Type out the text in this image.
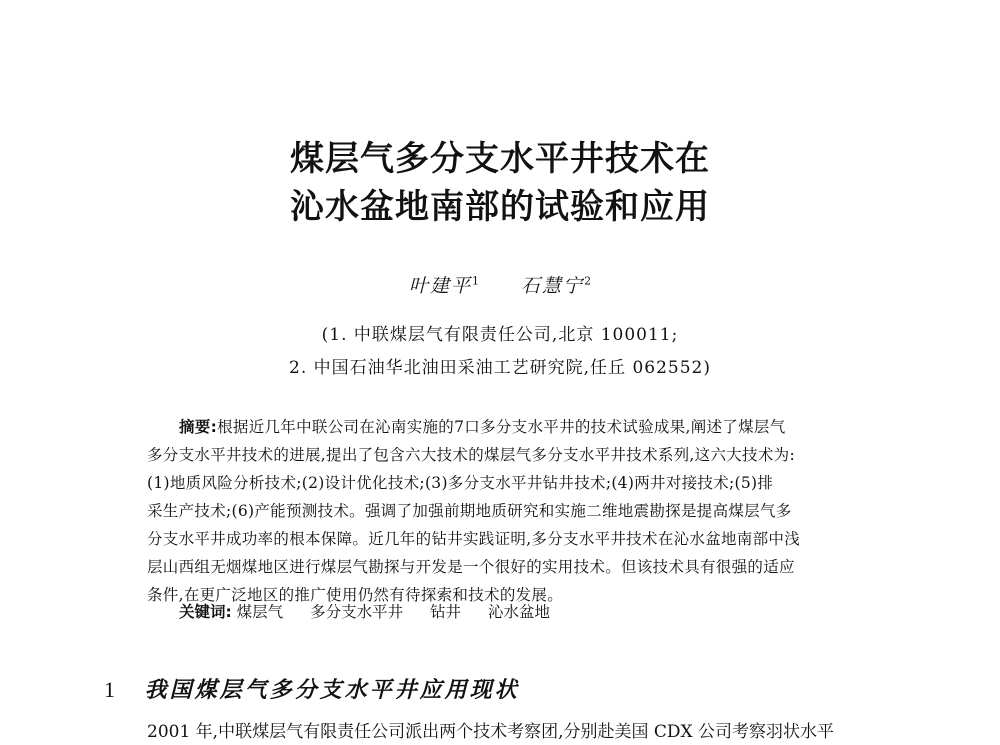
煤层气多分支水平井技术在
沁水盆地南部的试验和应用
叶建平$^1$ 石慧宁$^2$
(1. 中联煤层气有限责任公司,北京 100011;
2. 中国石油华北油田采油工艺研究院,任丘 062552)
摘要:根据近几年中联公司在沁南实施的7口多分支水平井的技术试验成果,阐述了煤层气
多分支水平井技术的进展,提出了包含六大技术的煤层气多分支水平井技术系列,这六大技术为:
(1)地质风险分析技术;(2)设计优化技术;(3)多分支水平井钻井技术;(4)两井对接技术;(5)排
采生产技术;(6)产能预测技术。强调了加强前期地质研究和实施二维地震勘探是提高煤层气多
分支水平井成功率的根本保障。近几年的钻井实践证明,多分支水平井技术在沁水盆地南部中浅
层山西组无烟煤地区进行煤层气勘探与开发是一个很好的实用技术。但该技术具有很强的适应
条件,在更广泛地区的推广使用仍然有待探索和技术的发展。
关键词: 煤层气 多分支水平井 钻井 沁水盆地
1 我国煤层气多分支水平井应用现状
2001 年,中联煤层气有限责任公司派出两个技术考察团,分别赴美国 CDX 公司考察羽状水平
